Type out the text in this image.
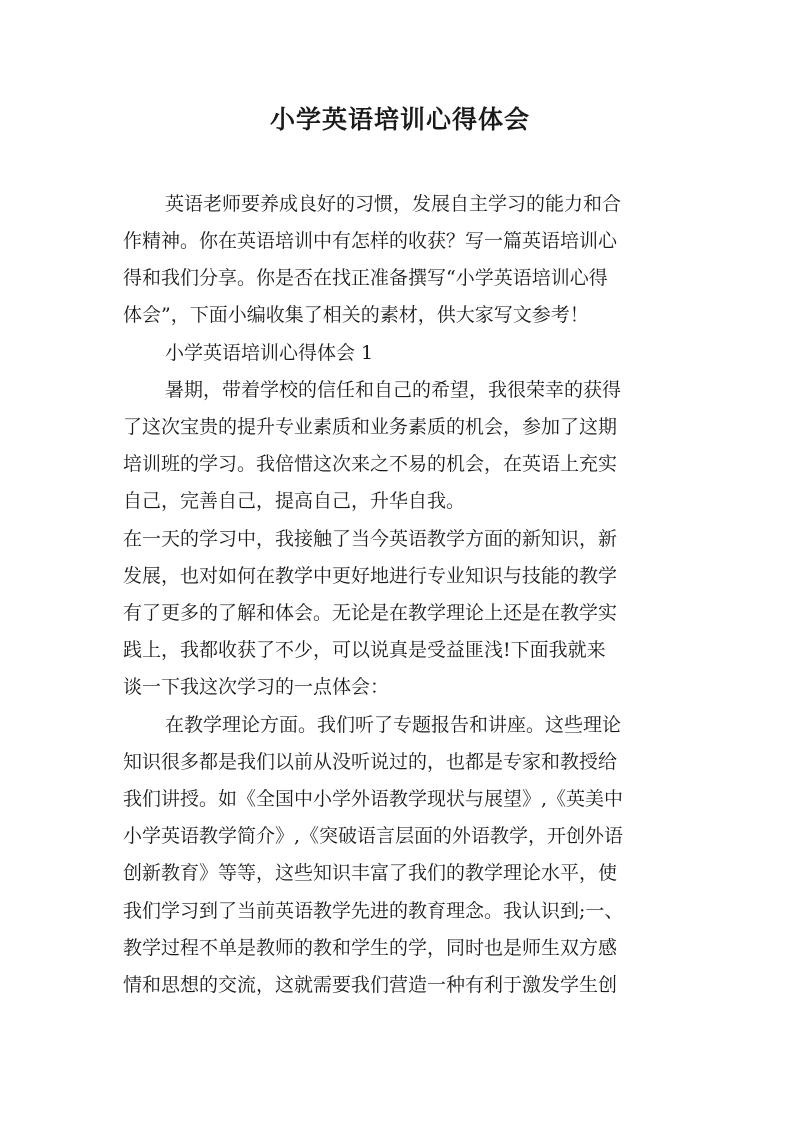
小学英语培训心得体会

英语老师要养成良好的习惯，发展自主学习的能力和合

作精神。你在英语培训中有怎样的收获？写一篇英语培训心

得和我们分享。你是否在找正准备撰写“小学英语培训心得

体会”，下面小编收集了相关的素材，供大家写文参考！

小学英语培训心得体会 1

暑期，带着学校的信任和自己的希望，我很荣幸的获得

了这次宝贵的提升专业素质和业务素质的机会，参加了这期

培训班的学习。我倍惜这次来之不易的机会，在英语上充实

自己，完善自己，提高自己，升华自我。

在一天的学习中，我接触了当今英语教学方面的新知识，新

发展，也对如何在教学中更好地进行专业知识与技能的教学

有了更多的了解和体会。无论是在教学理论上还是在教学实

践上，我都收获了不少，可以说真是受益匪浅!下面我就来

谈一下我这次学习的一点体会：

在教学理论方面。我们听了专题报告和讲座。这些理论

知识很多都是我们以前从没听说过的，也都是专家和教授给

我们讲授。如《全国中小学外语教学现状与展望》,《英美中

小学英语教学简介》,《突破语言层面的外语教学，开创外语

创新教育》等等，这些知识丰富了我们的教学理论水平，使

我们学习到了当前英语教学先进的教育理念。我认识到;一、

教学过程不单是教师的教和学生的学，同时也是师生双方感

情和思想的交流，这就需要我们营造一种有利于激发学生创
